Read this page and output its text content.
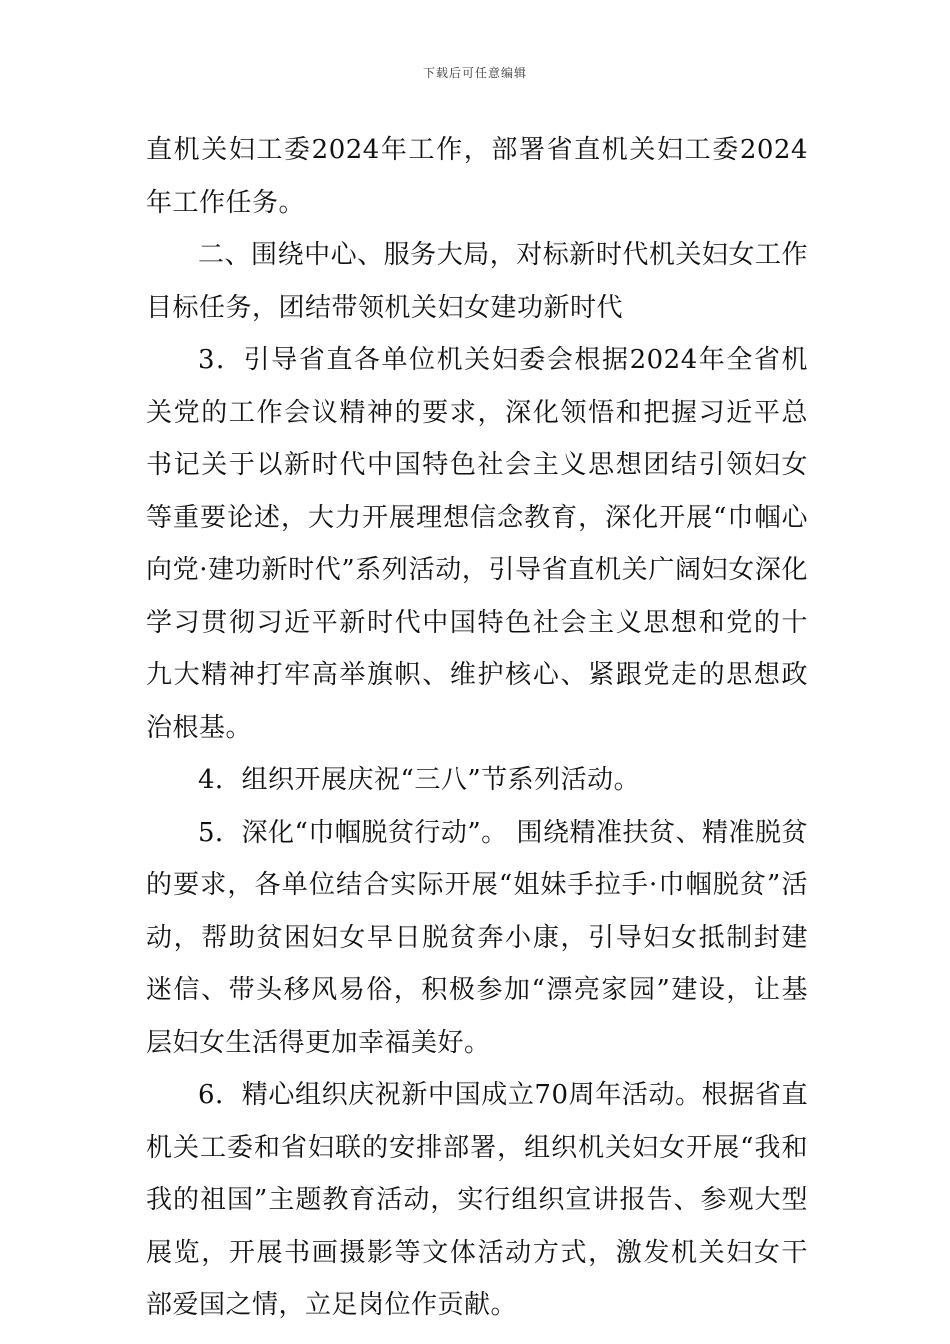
下载后可任意编辑

直机关妇工委2024年工作，部署省直机关妇工委2024年工作任务。

二、围绕中心、服务大局，对标新时代机关妇女工作目标任务，团结带领机关妇女建功新时代

3．引导省直各单位机关妇委会根据2024年全省机关党的工作会议精神的要求，深化领悟和把握习近平总书记关于以新时代中国特色社会主义思想团结引领妇女等重要论述，大力开展理想信念教育，深化开展“巾帼心向党·建功新时代”系列活动，引导省直机关广阔妇女深化学习贯彻习近平新时代中国特色社会主义思想和党的十九大精神打牢高举旗帜、维护核心、紧跟党走的思想政治根基。

4．组织开展庆祝“三八”节系列活动。

5．深化“巾帼脱贫行动”。 围绕精准扶贫、精准脱贫的要求，各单位结合实际开展“姐妹手拉手·巾帼脱贫”活动，帮助贫困妇女早日脱贫奔小康，引导妇女抵制封建迷信、带头移风易俗，积极参加“漂亮家园”建设，让基层妇女生活得更加幸福美好。

6．精心组织庆祝新中国成立70周年活动。根据省直机关工委和省妇联的安排部署，组织机关妇女开展“我和我的祖国”主题教育活动，实行组织宣讲报告、参观大型展览，开展书画摄影等文体活动方式，激发机关妇女干部爱国之情，立足岗位作贡献。
